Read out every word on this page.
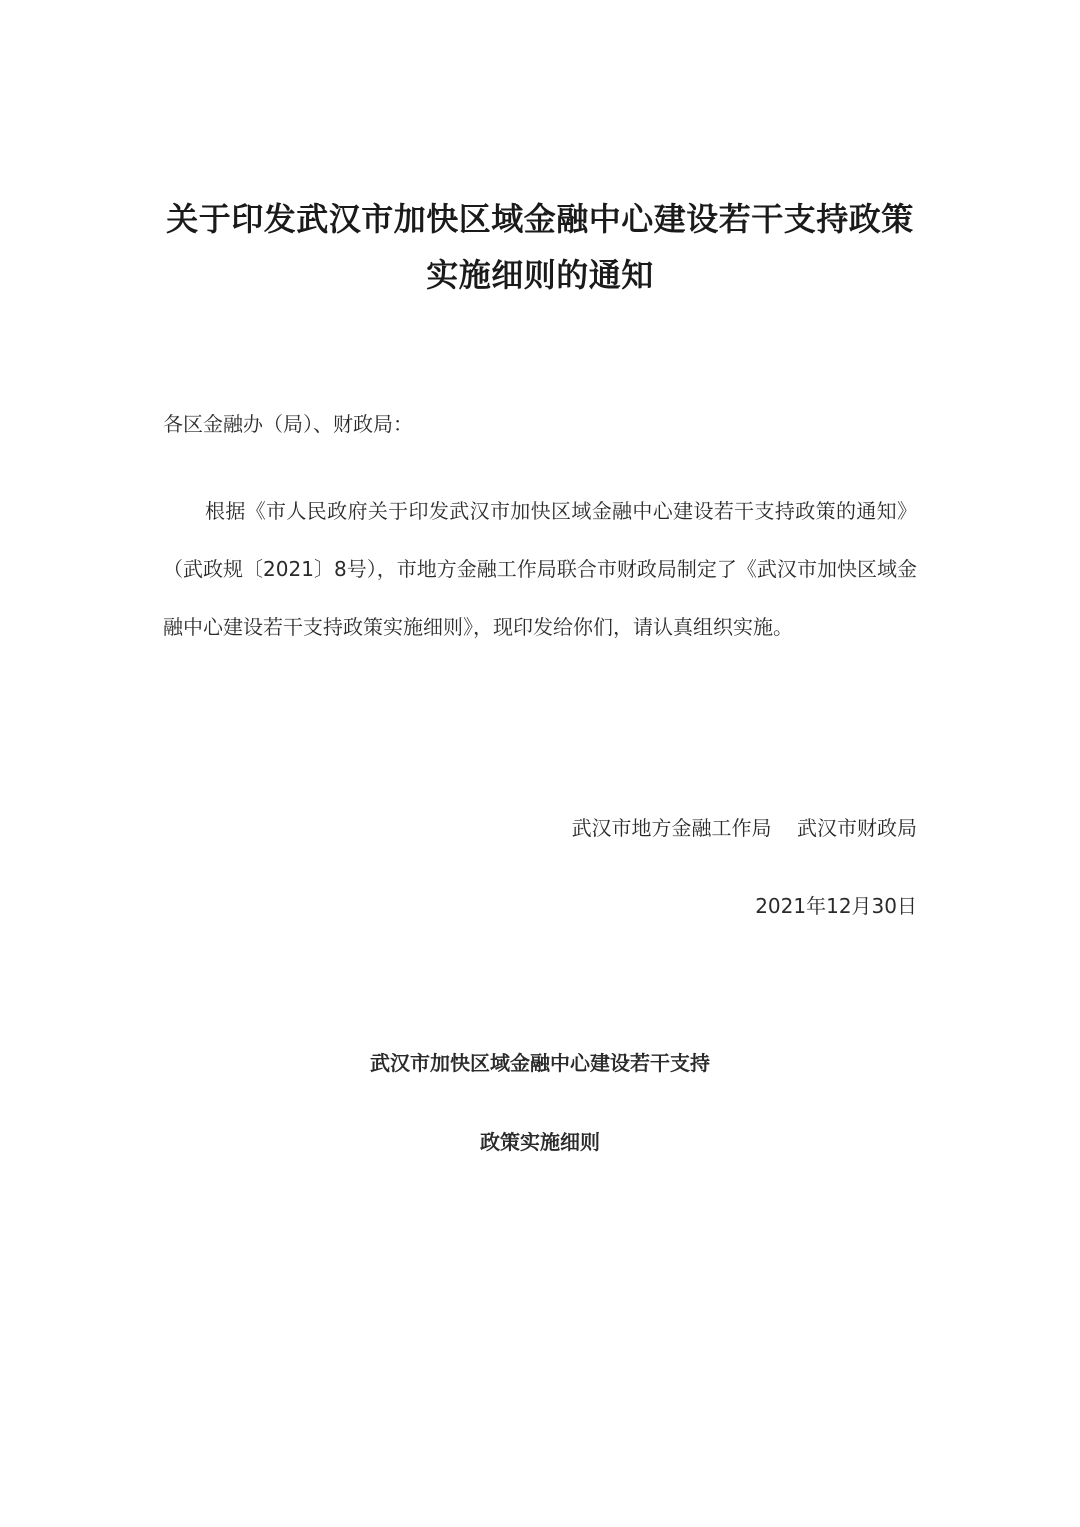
关于印发武汉市加快区域金融中心建设若干支持政策
实施细则的通知
各区金融办（局）、财政局：

根据《市人民政府关于印发武汉市加快区域金融中心建设若干支持政策的通知》（武政规〔2021〕8号），市地方金融工作局联合市财政局制定了《武汉市加快区域金融中心建设若干支持政策实施细则》，现印发给你们，请认真组织实施。

武汉市地方金融工作局    武汉市财政局
2021年12月30日
武汉市加快区域金融中心建设若干支持
政策实施细则
